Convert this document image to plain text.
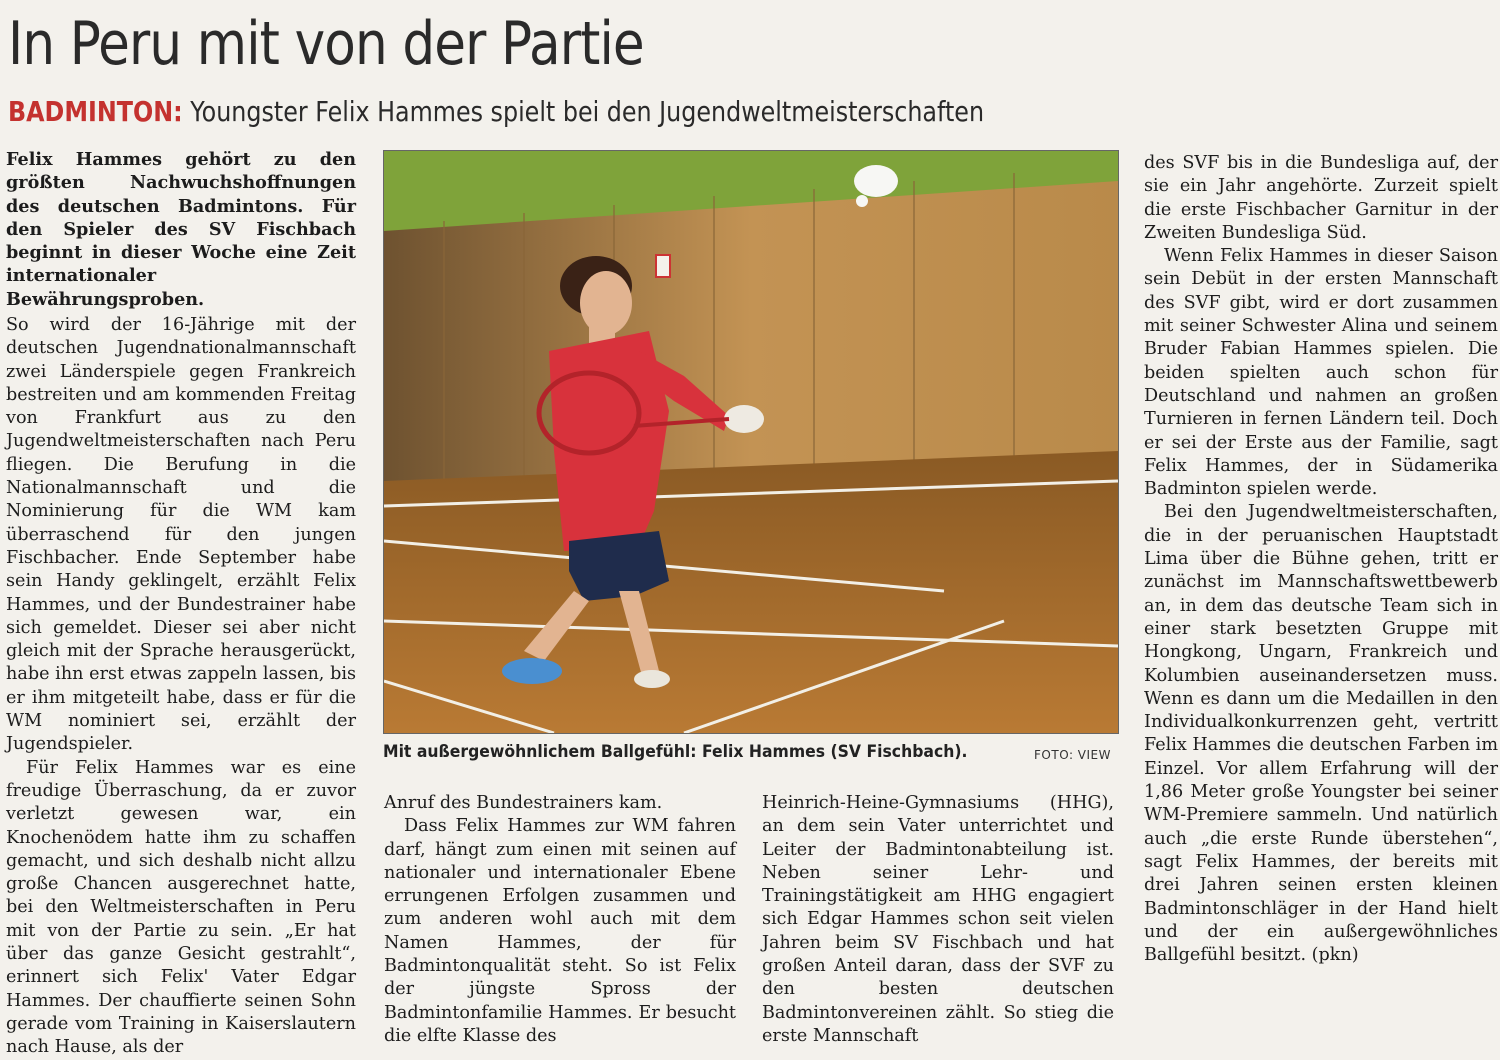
In Peru mit von der Partie
BADMINTON: Youngster Felix Hammes spielt bei den Jugendweltmeisterschaften
Felix Hammes gehört zu den größten Nachwuchshoffnungen des deutschen Badmintons. Für den Spieler des SV Fischbach beginnt in dieser Woche eine Zeit internationaler Bewährungsproben.

So wird der 16-Jährige mit der deutschen Jugendnationalmannschaft zwei Länderspiele gegen Frankreich bestreiten und am kommenden Freitag von Frankfurt aus zu den Jugendweltmeisterschaften nach Peru fliegen. Die Berufung in die Nationalmannschaft und die Nominierung für die WM kam überraschend für den jungen Fischbacher. Ende September habe sein Handy geklingelt, erzählt Felix Hammes, und der Bundestrainer habe sich gemeldet. Dieser sei aber nicht gleich mit der Sprache herausgerückt, habe ihn erst etwas zappeln lassen, bis er ihm mitgeteilt habe, dass er für die WM nominiert sei, erzählt der Jugendspieler.

Für Felix Hammes war es eine freudige Überraschung, da er zuvor verletzt gewesen war, ein Knochenödem hatte ihm zu schaffen gemacht, und sich deshalb nicht allzu große Chancen ausgerechnet hatte, bei den Weltmeisterschaften in Peru mit von der Partie zu sein. „Er hat über das ganze Gesicht gestrahlt“, erinnert sich Felix' Vater Edgar Hammes. Der chauffierte seinen Sohn gerade vom Training in Kaiserslautern nach Hause, als der

Mit außergewöhnlichem Ballgefühl: Felix Hammes (SV Fischbach).	FOTO: VIEW

Anruf des Bundestrainers kam.

Dass Felix Hammes zur WM fahren darf, hängt zum einen mit seinen auf nationaler und internationaler Ebene errungenen Erfolgen zusammen und zum anderen wohl auch mit dem Namen Hammes, der für Badmintonqualität steht. So ist Felix der jüngste Spross der Badmintonfamilie Hammes. Er besucht die elfte Klasse des

Heinrich-Heine-Gymnasiums (HHG), an dem sein Vater unterrichtet und Leiter der Badmintonabteilung ist. Neben seiner Lehr- und Trainingstätigkeit am HHG engagiert sich Edgar Hammes schon seit vielen Jahren beim SV Fischbach und hat großen Anteil daran, dass der SVF zu den besten deutschen Badmintonvereinen zählt. So stieg die erste Mannschaft

des SVF bis in die Bundesliga auf, der sie ein Jahr angehörte. Zurzeit spielt die erste Fischbacher Garnitur in der Zweiten Bundesliga Süd.

Wenn Felix Hammes in dieser Saison sein Debüt in der ersten Mannschaft des SVF gibt, wird er dort zusammen mit seiner Schwester Alina und seinem Bruder Fabian Hammes spielen. Die beiden spielten auch schon für Deutschland und nahmen an großen Turnieren in fernen Ländern teil. Doch er sei der Erste aus der Familie, sagt Felix Hammes, der in Südamerika Badminton spielen werde.

Bei den Jugendweltmeisterschaften, die in der peruanischen Hauptstadt Lima über die Bühne gehen, tritt er zunächst im Mannschaftswettbewerb an, in dem das deutsche Team sich in einer stark besetzten Gruppe mit Hongkong, Ungarn, Frankreich und Kolumbien auseinandersetzen muss. Wenn es dann um die Medaillen in den Individualkonkurrenzen geht, vertritt Felix Hammes die deutschen Farben im Einzel. Vor allem Erfahrung will der 1,86 Meter große Youngster bei seiner WM-Premiere sammeln. Und natürlich auch „die erste Runde überstehen“, sagt Felix Hammes, der bereits mit drei Jahren seinen ersten kleinen Badmintonschläger in der Hand hielt und der ein außergewöhnliches Ballgefühl besitzt. (pkn)
